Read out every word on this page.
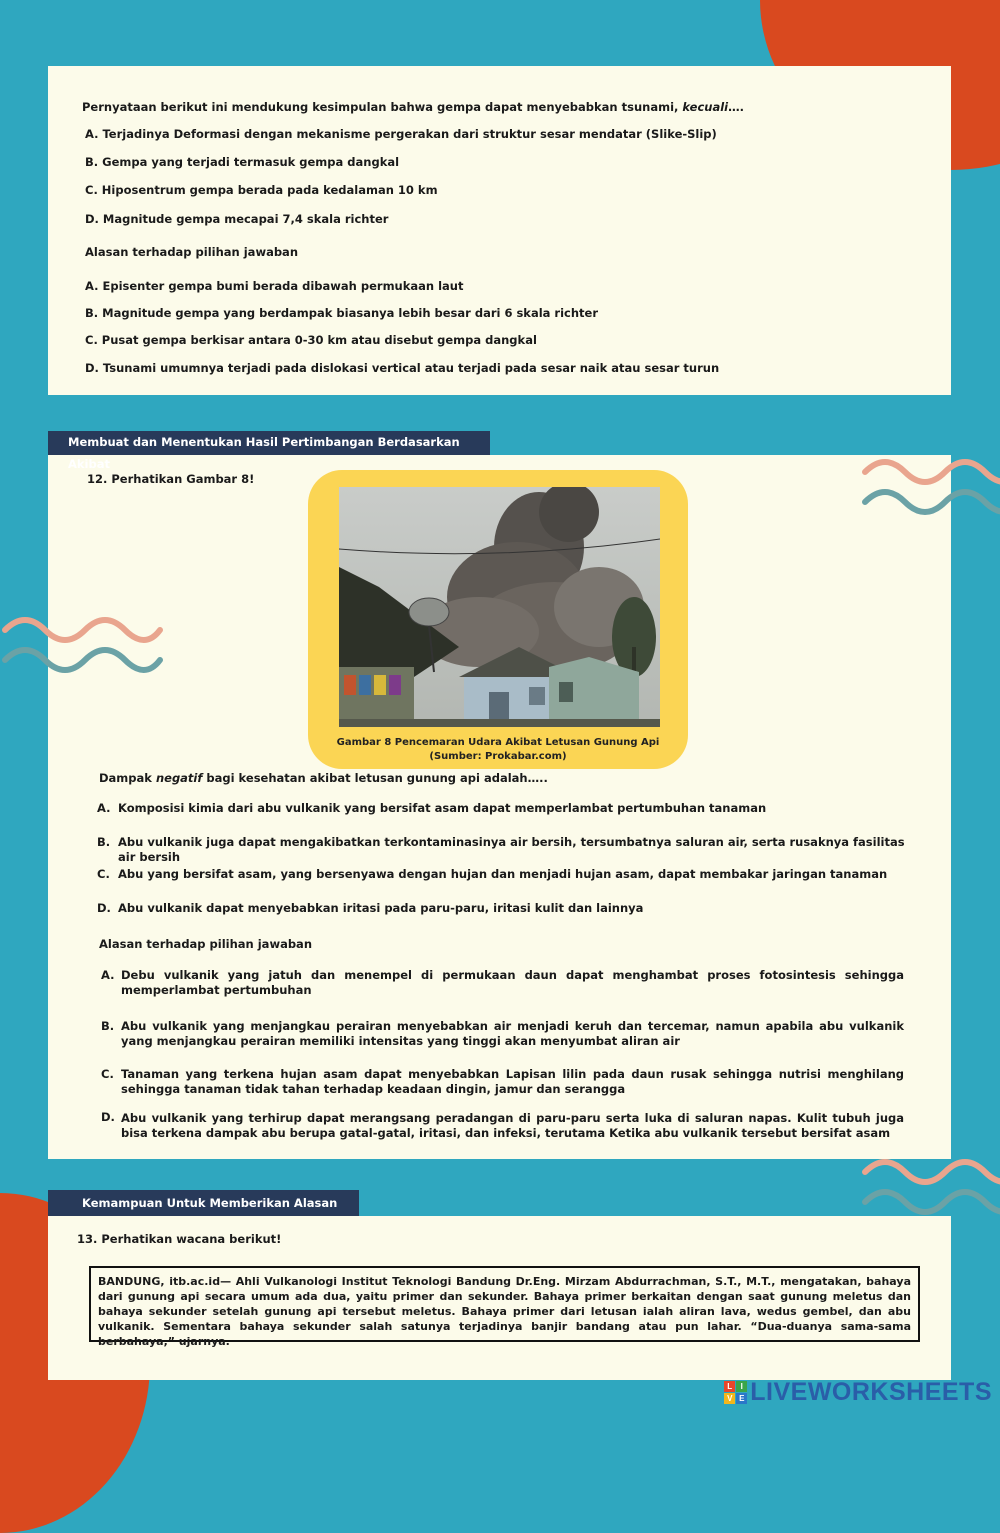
Pernyataan berikut ini mendukung kesimpulan bahwa gempa dapat menyebabkan tsunami, kecuali….

A. Terjadinya Deformasi dengan mekanisme pergerakan dari struktur sesar mendatar (Slike-Slip)

B. Gempa yang terjadi termasuk gempa dangkal

C. Hiposentrum gempa berada pada kedalaman 10 km

D. Magnitude gempa mecapai 7,4 skala richter

Alasan terhadap pilihan jawaban

A. Episenter gempa bumi berada dibawah permukaan laut

B. Magnitude gempa yang berdampak biasanya lebih besar dari 6 skala richter

C. Pusat gempa berkisar antara 0-30 km atau disebut gempa dangkal

D. Tsunami umumnya terjadi pada dislokasi vertical atau terjadi pada sesar naik atau sesar turun

Membuat dan Menentukan Hasil Pertimbangan Berdasarkan Akibat

12. Perhatikan Gambar 8!

Gambar 8 Pencemaran Udara Akibat Letusan Gunung Api
(Sumber: Prokabar.com)

Dampak negatif bagi kesehatan akibat letusan gunung api adalah…..

A. Komposisi kimia dari abu vulkanik yang bersifat asam dapat memperlambat pertumbuhan tanaman

B. Abu vulkanik juga dapat mengakibatkan terkontaminasinya air bersih, tersumbatnya saluran air, serta rusaknya fasilitas air bersih

C. Abu yang bersifat asam, yang bersenyawa dengan hujan dan menjadi hujan asam, dapat membakar jaringan tanaman

D. Abu vulkanik dapat menyebabkan iritasi pada paru-paru, iritasi kulit dan lainnya

Alasan terhadap pilihan jawaban

A. Debu vulkanik yang jatuh dan menempel di permukaan daun dapat menghambat proses fotosintesis sehingga memperlambat pertumbuhan

B. Abu vulkanik yang menjangkau perairan menyebabkan air menjadi keruh dan tercemar, namun apabila abu vulkanik yang menjangkau perairan memiliki intensitas yang tinggi akan menyumbat aliran air

C. Tanaman yang terkena hujan asam dapat menyebabkan Lapisan lilin pada daun rusak sehingga nutrisi menghilang sehingga tanaman tidak tahan terhadap keadaan dingin, jamur dan serangga

D. Abu vulkanik yang terhirup dapat merangsang peradangan di paru-paru serta luka di saluran napas. Kulit tubuh juga bisa terkena dampak abu berupa gatal-gatal, iritasi, dan infeksi, terutama Ketika abu vulkanik tersebut bersifat asam

Kemampuan Untuk Memberikan Alasan

13. Perhatikan wacana berikut!

BANDUNG, itb.ac.id— Ahli Vulkanologi Institut Teknologi Bandung Dr.Eng. Mirzam Abdurrachman, S.T., M.T., mengatakan, bahaya dari gunung api secara umum ada dua, yaitu primer dan sekunder. Bahaya primer berkaitan dengan saat gunung meletus dan bahaya sekunder setelah gunung api tersebut meletus. Bahaya primer dari letusan ialah aliran lava, wedus gembel, dan abu vulkanik. Sementara bahaya sekunder salah satunya terjadinya banjir bandang atau pun lahar. “Dua-duanya sama-sama berbahaya,” ujarnya.

L	I
V E LIVEWORKSHEETS
